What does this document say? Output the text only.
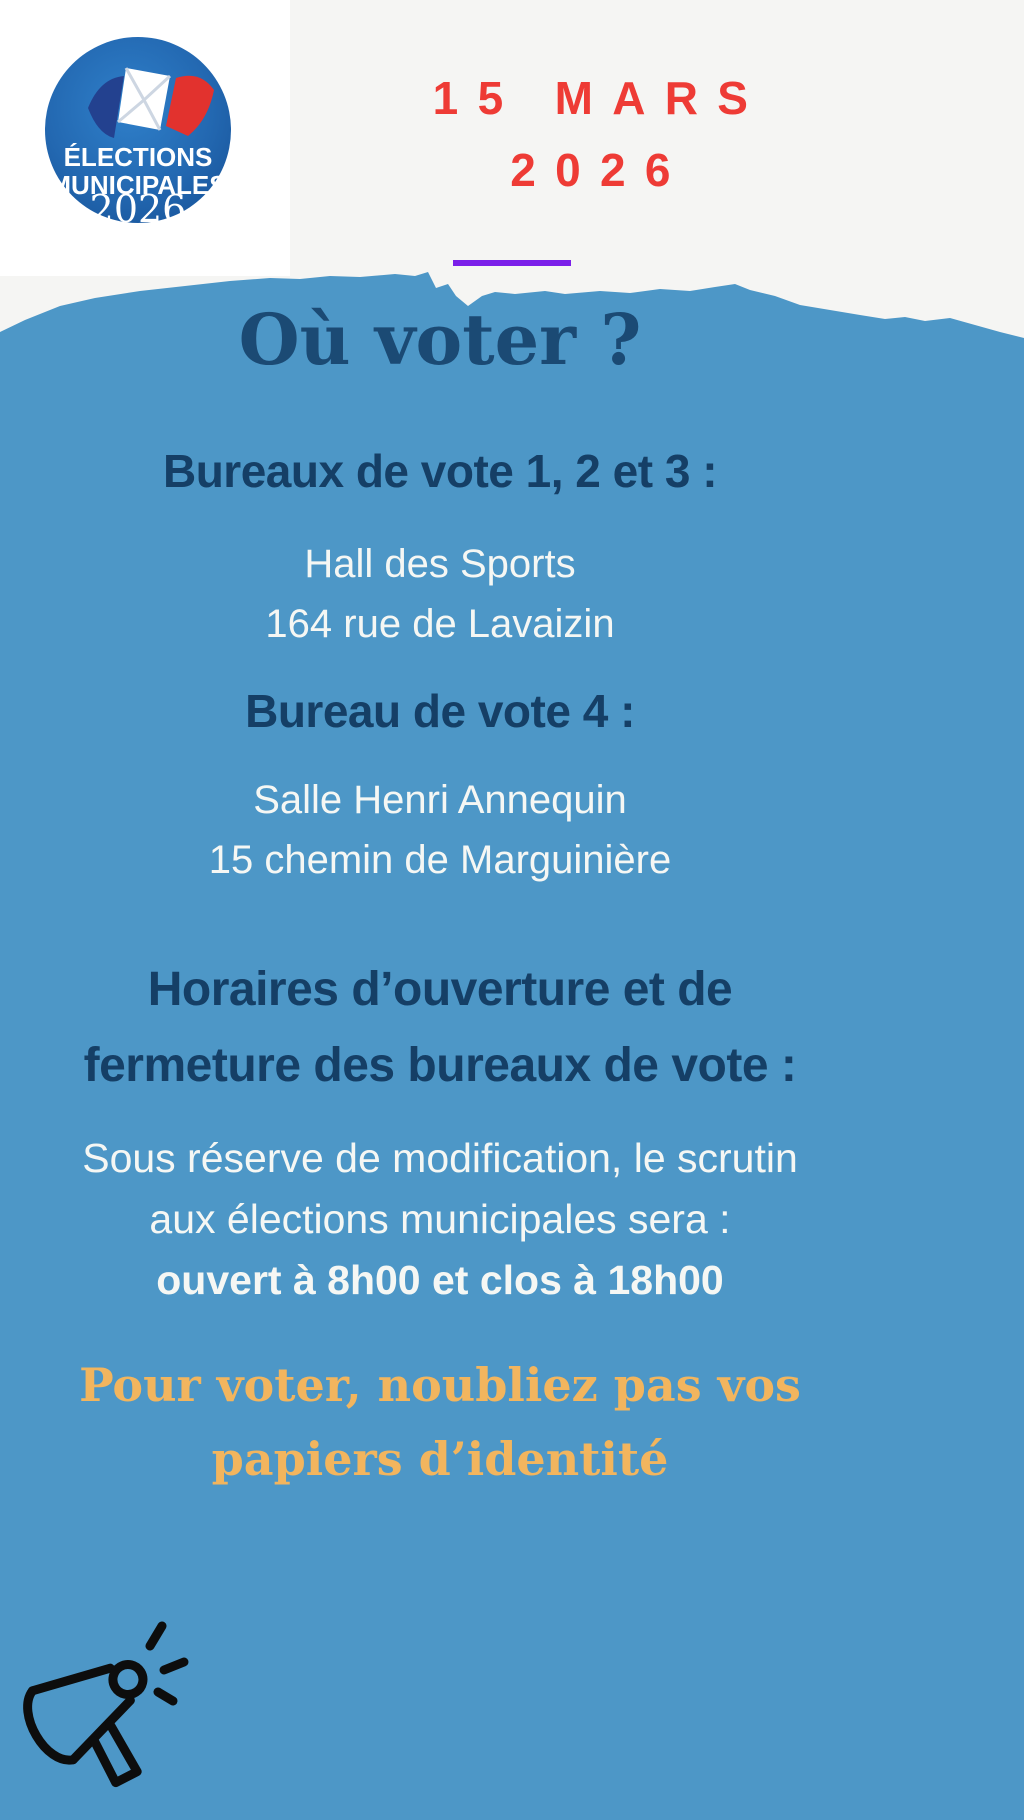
ÉLECTIONS
MUNICIPALES
2026
15 MARS
2026
Où voter ?
Bureaux de vote 1, 2 et 3 :
Hall des Sports
164 rue de Lavaizin
Bureau de vote 4 :
Salle Henri Annequin
15 chemin de Marguinière
Horaires d’ouverture et de
fermeture des bureaux de vote :
Sous réserve de modification, le scrutin
aux élections municipales sera :
ouvert à 8h00 et clos à 18h00
Pour voter, noubliez pas vos
papiers d’identité
